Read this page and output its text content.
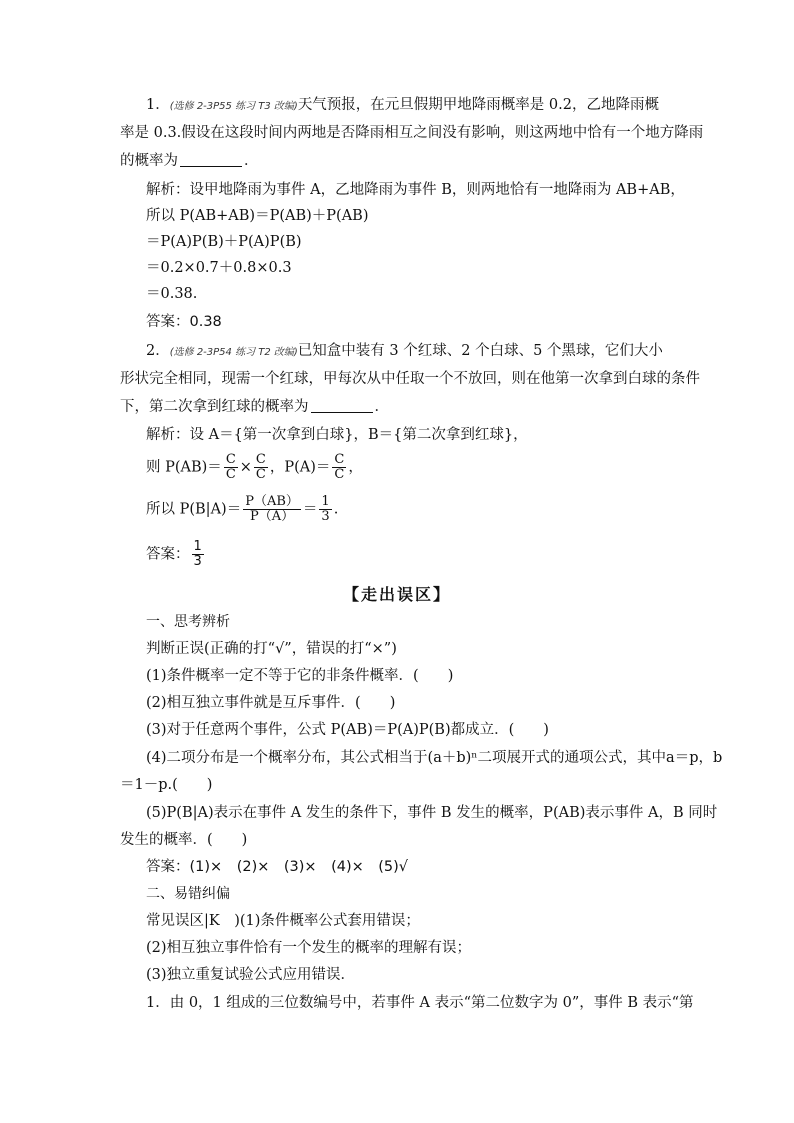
1．(选修 2-3P55 练习 T3 改编)天气预报，在元旦假期甲地降雨概率是 0.2，乙地降雨概
率是 0.3.假设在这段时间内两地是否降雨相互之间没有影响，则这两地中恰有一个地方降雨
的概率为	．
解析：设甲地降雨为事件 A，乙地降雨为事件 B，则两地恰有一地降雨为 AB+AB，
所以 P(AB+AB)＝P(AB)＋P(AB)
＝P(A)P(B)＋P(A)P(B)
＝0.2×0.7＋0.8×0.3
＝0.38.
答案：0.38
2．(选修 2-3P54 练习 T2 改编)已知盒中装有 3 个红球、2 个白球、5 个黑球，它们大小
形状完全相同，现需一个红球，甲每次从中任取一个不放回，则在他第一次拿到白球的条件
下，第二次拿到红球的概率为	．
解析：设 A＝{第一次拿到白球}，B＝{第二次拿到红球}，
则 $P(AB)= \frac{C}{C} \times \frac{C}{C}$ ，$P(A)= \frac{C}{C}$ ，
所以 $P(B|A)= \frac{P(AB)}{P(A)} = \frac{1}{3}$ .
答案： $\frac{1}{3}$
【走出误区】
一、思考辨析
判断正误(正确的打“√”，错误的打“×”)
(1)条件概率一定不等于它的非条件概率．(　　)
(2)相互独立事件就是互斥事件．(　　)
(3)对于任意两个事件，公式 P(AB)＝P(A)P(B)都成立．(　　)
(4)二项分布是一个概率分布，其公式相当于(a＋b)ⁿ二项展开式的通项公式，其中a＝p，b
＝1－p.(　　)
(5)P(B|A)表示在事件 A 发生的条件下，事件 B 发生的概率，P(AB)表示事件 A，B 同时
发生的概率．(　　)
答案：(1)×　(2)×　(3)×　(4)×　(5)√
二、易错纠偏
常见误区|K　)(1)条件概率公式套用错误；
(2)相互独立事件恰有一个发生的概率的理解有误；
(3)独立重复试验公式应用错误．
1．由 0，1 组成的三位数编号中，若事件 A 表示“第二位数字为 0”，事件 B 表示“第
